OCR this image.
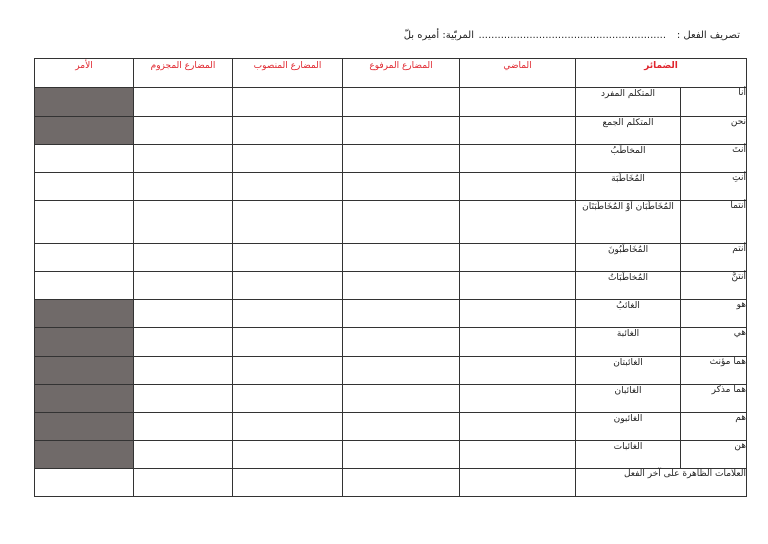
تصريف الفعل :
...........................................................
المربّية: أميره بلّ
الضمائر		الماضي	المضارع المرفوع	المضارع المنصوب	المضارع المجزوم	الأمر
أنا	المتكلم المفرد					
نحن	المتكلم الجمع					
أنتَ	المخاطَبُ					
أنتِ	المُخَاطَبَة					
أنتما	المُخَاطَبَان أوْ المُخَاطَبَتَان					
أنتم	المُخَاطَبُونَ					
أنتنَّ	المُخاطَبَاتُ					
هو	الغائبُ					
هي	الغائبة					
هما مؤنث	الغائبتان					
هما مذكر	الغائبان					
هم	الغائبون					
هن	الغائبات					
العلامات الظاهرة على آخر الفعل						
